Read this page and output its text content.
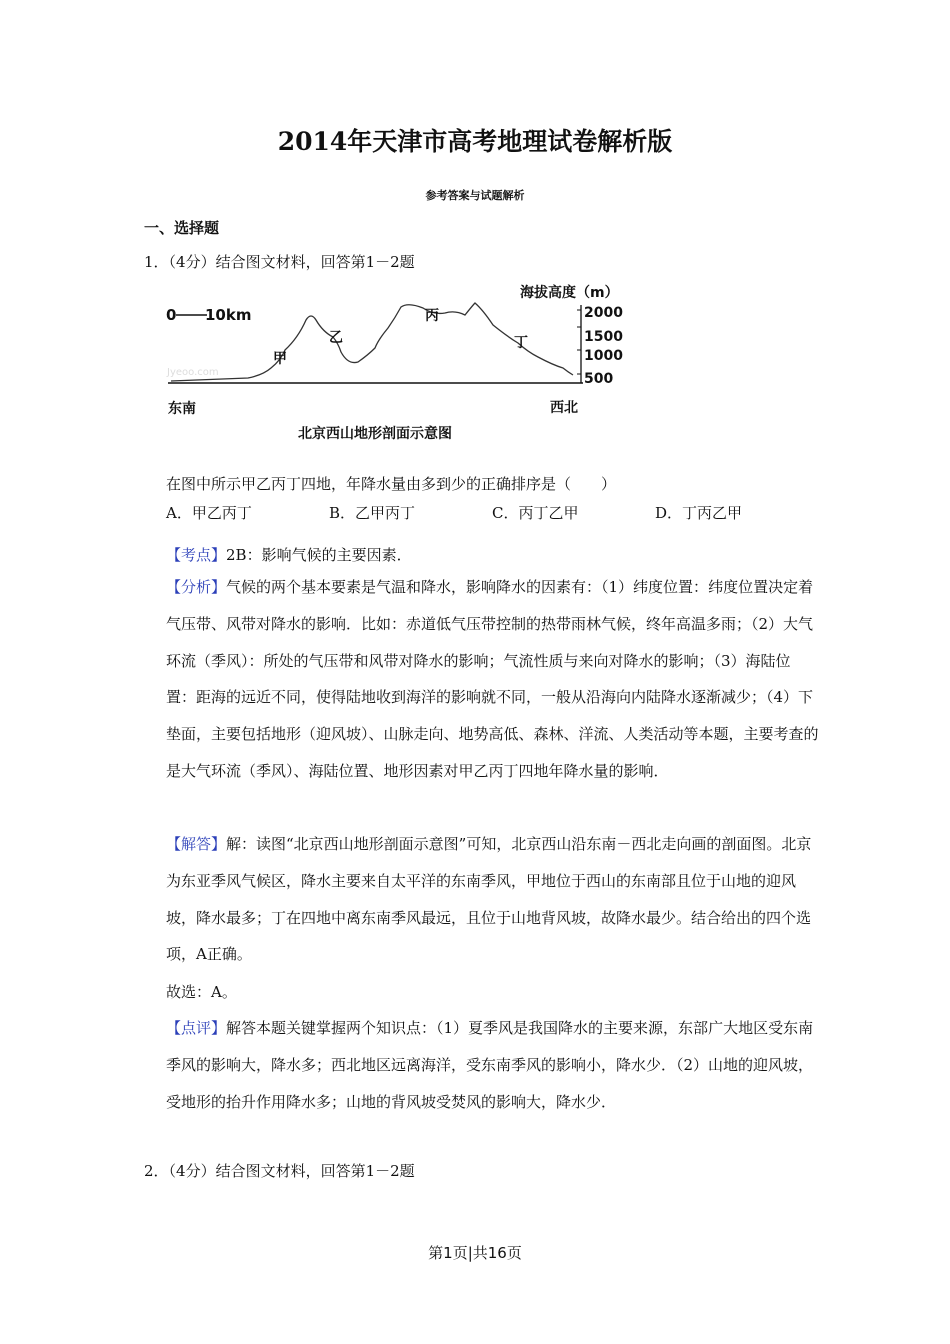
2014年天津市高考地理试卷解析版
参考答案与试题解析
一、选择题
1．（4分）结合图文材料，回答第1－2题
0 10km
Jyeoo.com
甲
乙
丙
丁
海拔高度（m）
2000
1500
1000
500
东南	西北
北京西山地形剖面示意图
在图中所示甲乙丙丁四地，年降水量由多到少的正确排序是（　　）
A．甲乙丙丁	B．乙甲丙丁	C．丙丁乙甲	D．丁丙乙甲
【考点】2B：影响气候的主要因素．
【分析】气候的两个基本要素是气温和降水，影响降水的因素有：（1）纬度位置：纬度位置决定着气压带、风带对降水的影响．比如：赤道低气压带控制的热带雨林气候，终年高温多雨；（2）大气环流（季风）：所处的气压带和风带对降水的影响；气流性质与来向对降水的影响；（3）海陆位置：距海的远近不同，使得陆地收到海洋的影响就不同，一般从沿海向内陆降水逐渐减少；（4）下垫面，主要包括地形（迎风坡）、山脉走向、地势高低、森林、洋流、人类活动等本题，主要考查的是大气环流（季风）、海陆位置、地形因素对甲乙丙丁四地年降水量的影响．
【解答】解：读图“北京西山地形剖面示意图”可知，北京西山沿东南－西北走向画的剖面图。北京为东亚季风气候区，降水主要来自太平洋的东南季风，甲地位于西山的东南部且位于山地的迎风坡，降水最多；丁在四地中离东南季风最远，且位于山地背风坡，故降水最少。结合给出的四个选项，A正确。
故选：A。
【点评】解答本题关键掌握两个知识点：（1）夏季风是我国降水的主要来源，东部广大地区受东南季风的影响大，降水多；西北地区远离海洋，受东南季风的影响小，降水少．（2）山地的迎风坡，受地形的抬升作用降水多；山地的背风坡受焚风的影响大，降水少．
2．（4分）结合图文材料，回答第1－2题
第1页|共16页
